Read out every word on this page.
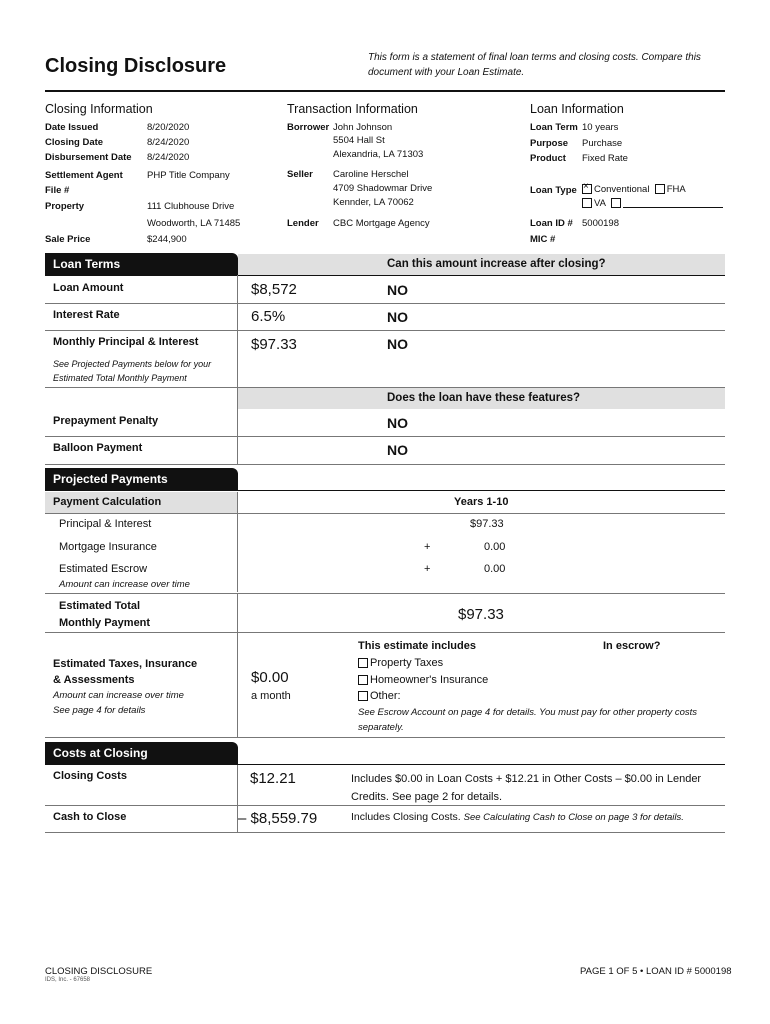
Closing Disclosure	This form is a statement of final loan terms and closing costs. Compare this document with your Loan Estimate.
Closing Information
Date Issued	8/20/2020
Closing Date	8/24/2020
Disbursement Date 8/24/2020
Settlement Agent	PHP Title Company
File #
Property	111 Clubhouse Drive
Woodworth, LA 71485
Sale Price	$244,900
Transaction Information
Borrower John Johnson
5504 Hall St
Alexandria, LA 71303
Seller Caroline Herschel
4709 Shadowmar Drive
Kennder, LA 70062
Lender CBC Mortgage Agency
Loan Information
Loan Term 10 years
Purpose Purchase
Product Fixed Rate
Loan Type
×	Conventional FHA
VA
Loan ID # 5000198
MIC #
Loan Terms	Can this amount increase after closing?
Loan Amount	$8,572	NO
Interest Rate	6.5%	NO
Monthly Principal & Interest	$97.33	NO
See Projected Payments below for your Estimated Total Monthly Payment
Does the loan have these features?
Prepayment Penalty	NO
Balloon Payment	NO
Projected Payments
Payment Calculation	Years 1-10
Principal & Interest	$97.33
Mortgage Insurance	+	0.00
Estimated Escrow	+	0.00
Amount can increase over time
Estimated Total
Monthly Payment	$97.33
Estimated Taxes, Insurance
& Assessments
Amount can increase over time
See page 4 for details
$0.00
a month
This estimate includes	In escrow?
Property Taxes
Homeowner's Insurance
Other:
See Escrow Account on page 4 for details. You must pay for other property costs separately.
Costs at Closing
Closing Costs	$12.21	Includes $0.00 in Loan Costs + $12.21 in Other Costs – $0.00 in Lender Credits. See page 2 for details.
Cash to Close	– $8,559.79	Includes Closing Costs. See Calculating Cash to Close on page 3 for details.
CLOSING DISCLOSURE
IDS, Inc. - 67658
PAGE 1 OF 5 • LOAN ID # 5000198
